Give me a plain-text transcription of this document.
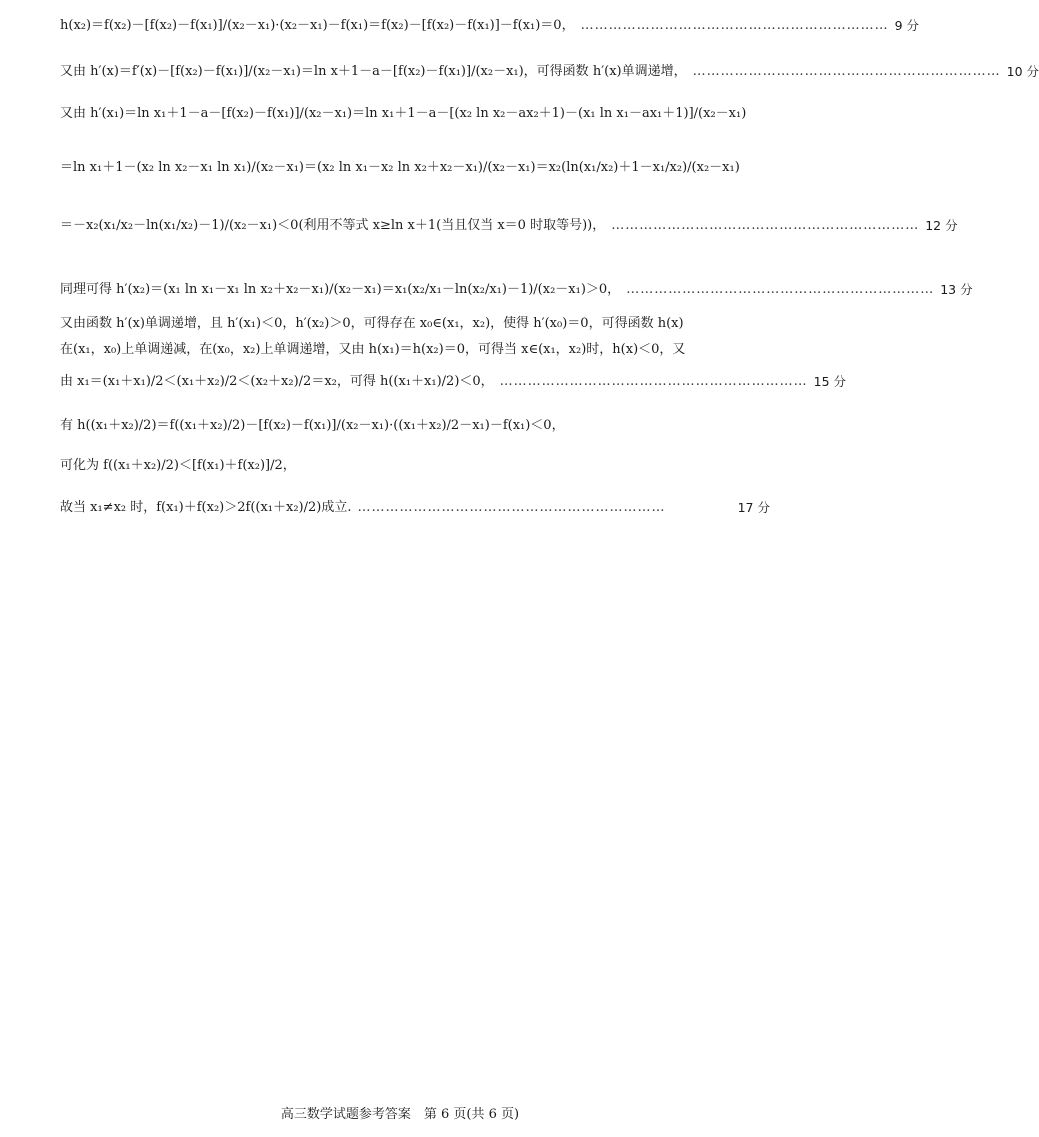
h(x₂)＝f(x₂)－[f(x₂)－f(x₁)]/(x₂－x₁)·(x₂－x₁)－f(x₁)＝f(x₂)－[f(x₂)－f(x₁)]－f(x₁)＝0， ………………………………………………………… 9 分
又由 h′(x)＝f′(x)－[f(x₂)－f(x₁)]/(x₂－x₁)＝ln x＋1－a－[f(x₂)－f(x₁)]/(x₂－x₁)，可得函数 h′(x)单调递增， ………………………………………………………… 10 分
又由 h′(x₁)＝ln x₁＋1－a－[f(x₂)－f(x₁)]/(x₂－x₁)＝ln x₁＋1－a－[(x₂ ln x₂－ax₂＋1)－(x₁ ln x₁－ax₁＋1)]/(x₂－x₁)
＝ln x₁＋1－(x₂ ln x₂－x₁ ln x₁)/(x₂－x₁)＝(x₂ ln x₁－x₂ ln x₂＋x₂－x₁)/(x₂－x₁)＝x₂(ln(x₁/x₂)＋1－x₁/x₂)/(x₂－x₁)
＝－x₂(x₁/x₂－ln(x₁/x₂)－1)/(x₂－x₁)＜0(利用不等式 x≥ln x＋1(当且仅当 x＝0 时取等号))， ………………………………………………………… 12 分
同理可得 h′(x₂)＝(x₁ ln x₁－x₁ ln x₂＋x₂－x₁)/(x₂－x₁)＝x₁(x₂/x₁－ln(x₂/x₁)－1)/(x₂－x₁)＞0， ………………………………………………………… 13 分
又由函数 h′(x)单调递增，且 h′(x₁)＜0，h′(x₂)＞0，可得存在 x₀∈(x₁，x₂)，使得 h′(x₀)＝0，可得函数 h(x)
在(x₁，x₀)上单调递减，在(x₀，x₂)上单调递增，又由 h(x₁)＝h(x₂)＝0，可得当 x∈(x₁，x₂)时，h(x)＜0，又
由 x₁＝(x₁＋x₁)/2＜(x₁＋x₂)/2＜(x₂＋x₂)/2＝x₂，可得 h((x₁＋x₁)/2)＜0， ………………………………………………………… 15 分
有 h((x₁＋x₂)/2)＝f((x₁＋x₂)/2)－[f(x₂)－f(x₁)]/(x₂－x₁)·((x₁＋x₂)/2－x₁)－f(x₁)＜0，
可化为 f((x₁＋x₂)/2)＜[f(x₁)＋f(x₂)]/2，
故当 x₁≠x₂ 时，f(x₁)＋f(x₂)＞2f((x₁＋x₂)/2)成立. …………………………………………………………	17 分
高三数学试题参考答案　第 6 页(共 6 页)
